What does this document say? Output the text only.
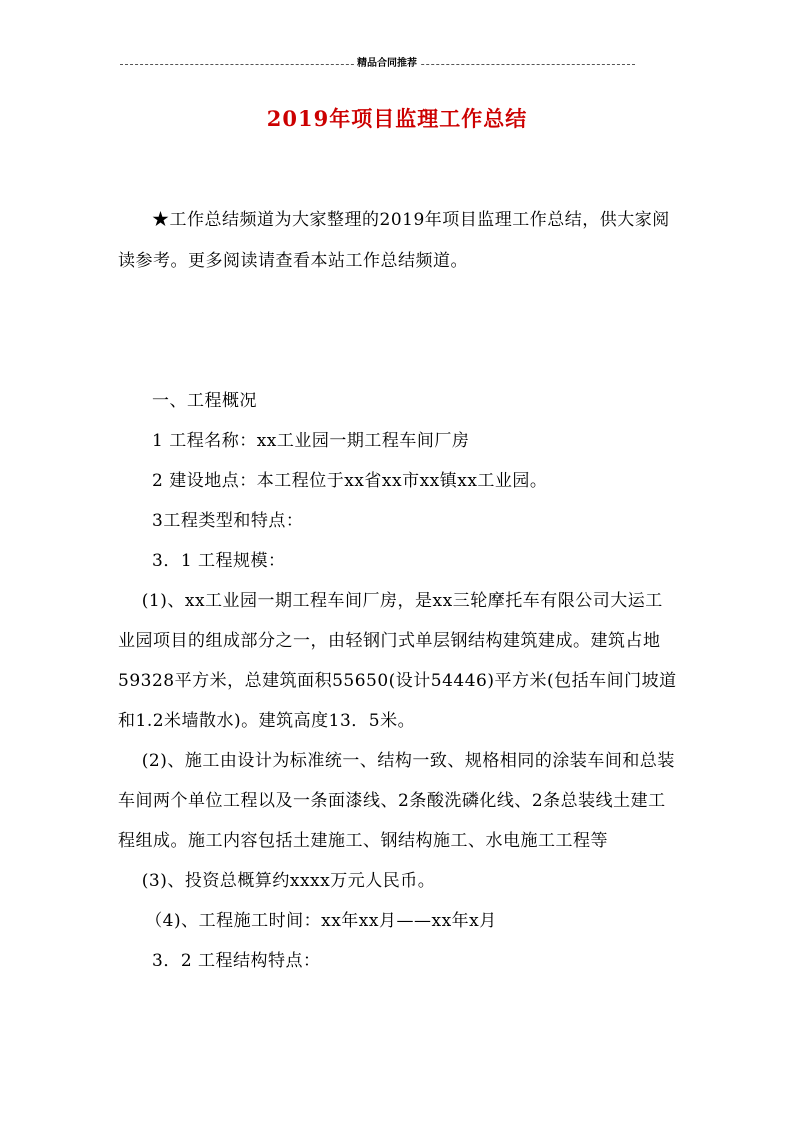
精品合同推荐
2019年项目监理工作总结

★工作总结频道为大家整理的2019年项目监理工作总结，供大家阅读参考。更多阅读请查看本站工作总结频道。

一、工程概况

1 工程名称：xx工业园一期工程车间厂房

2 建设地点：本工程位于xx省xx市xx镇xx工业园。

3工程类型和特点：

3．1 工程规模：

(1)、xx工业园一期工程车间厂房，是xx三轮摩托车有限公司大运工业园项目的组成部分之一，由轻钢门式单层钢结构建筑建成。建筑占地59328平方米，总建筑面积55650(设计54446)平方米(包括车间门坡道和1.2米墙散水)。建筑高度13．5米。

(2)、施工由设计为标准统一、结构一致、规格相同的涂装车间和总装车间两个单位工程以及一条面漆线、2条酸洗磷化线、2条总装线土建工程组成。施工内容包括土建施工、钢结构施工、水电施工工程等

(3)、投资总概算约xxxx万元人民币。

（4)、工程施工时间：xx年xx月——xx年x月

3．2 工程结构特点：
